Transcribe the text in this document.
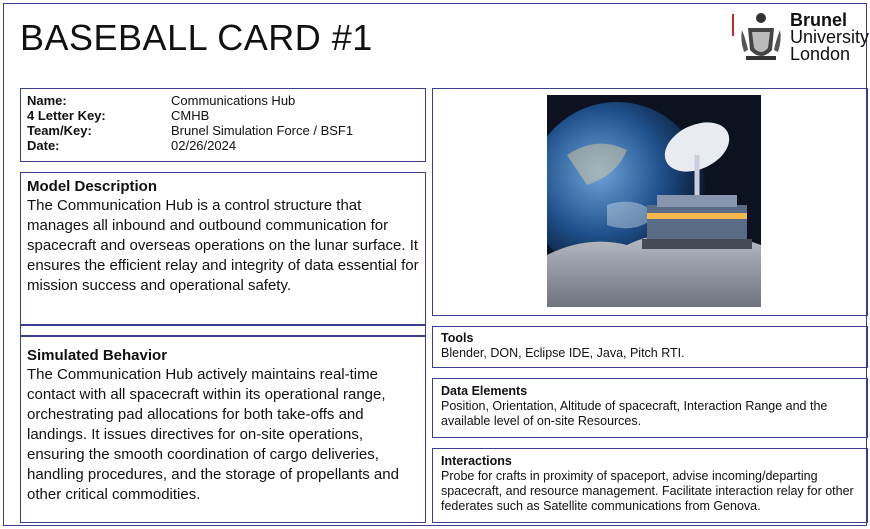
BASEBALL CARD #1	Brunel
University
London
Name:	Communications Hub
4 Letter Key:	CMHB
Team/Key:	Brunel Simulation Force / BSF1
Date:	02/26/2024
Model Description
The Communication Hub is a control structure that manages all inbound and outbound communication for spacecraft and overseas operations on the lunar surface. It ensures the efficient relay and integrity of data essential for mission success and operational safety.
Simulated Behavior
The Communication Hub actively maintains real-time contact with all spacecraft within its operational range, orchestrating pad allocations for both take-offs and landings. It issues directives for on-site operations, ensuring the smooth coordination of cargo deliveries, handling procedures, and the storage of propellants and other critical commodities.
Tools
Blender, DON, Eclipse IDE, Java, Pitch RTI.
Data Elements
Position, Orientation, Altitude of spacecraft, Interaction Range and the available level of on-site Resources.
Interactions
Probe for crafts in proximity of spaceport, advise incoming/departing spacecraft, and resource management. Facilitate interaction relay for other federates such as Satellite communications from Genova.
